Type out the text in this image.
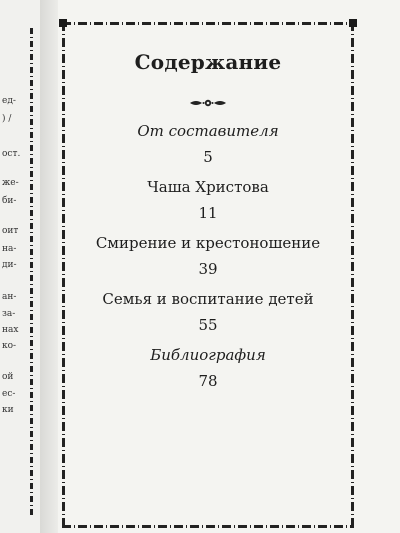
ед-
) /
ост.
же-
би-
оит
на-
ди-
ан-
за-
нах
ко-
ой
ес-
ки
Содержание
От составителя
5
Чаша Христова
11
Смирение и крестоношение
39
Семья и воспитание детей
55
Библиография
78
